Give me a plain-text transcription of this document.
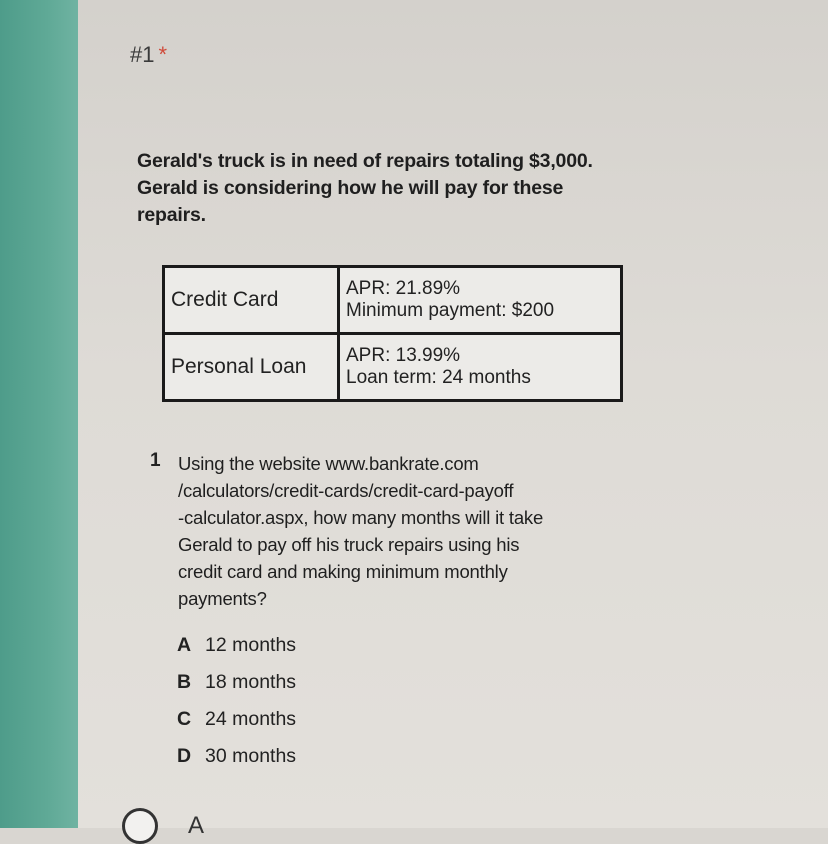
#1 *
Gerald's truck is in need of repairs totaling $3,000.
Gerald is considering how he will pay for these
repairs.
Credit Card	APR: 21.89%
Minimum payment: $200

Personal Loan	APR: 13.99%
Loan term: 24 months
1 Using the website www.bankrate.com
/calculators/credit-cards/credit-card-payoff
-calculator.aspx, how many months will it take
Gerald to pay off his truck repairs using his
credit card and making minimum monthly
payments?
A 12 months
B 18 months
C 24 months
D 30 months
A
